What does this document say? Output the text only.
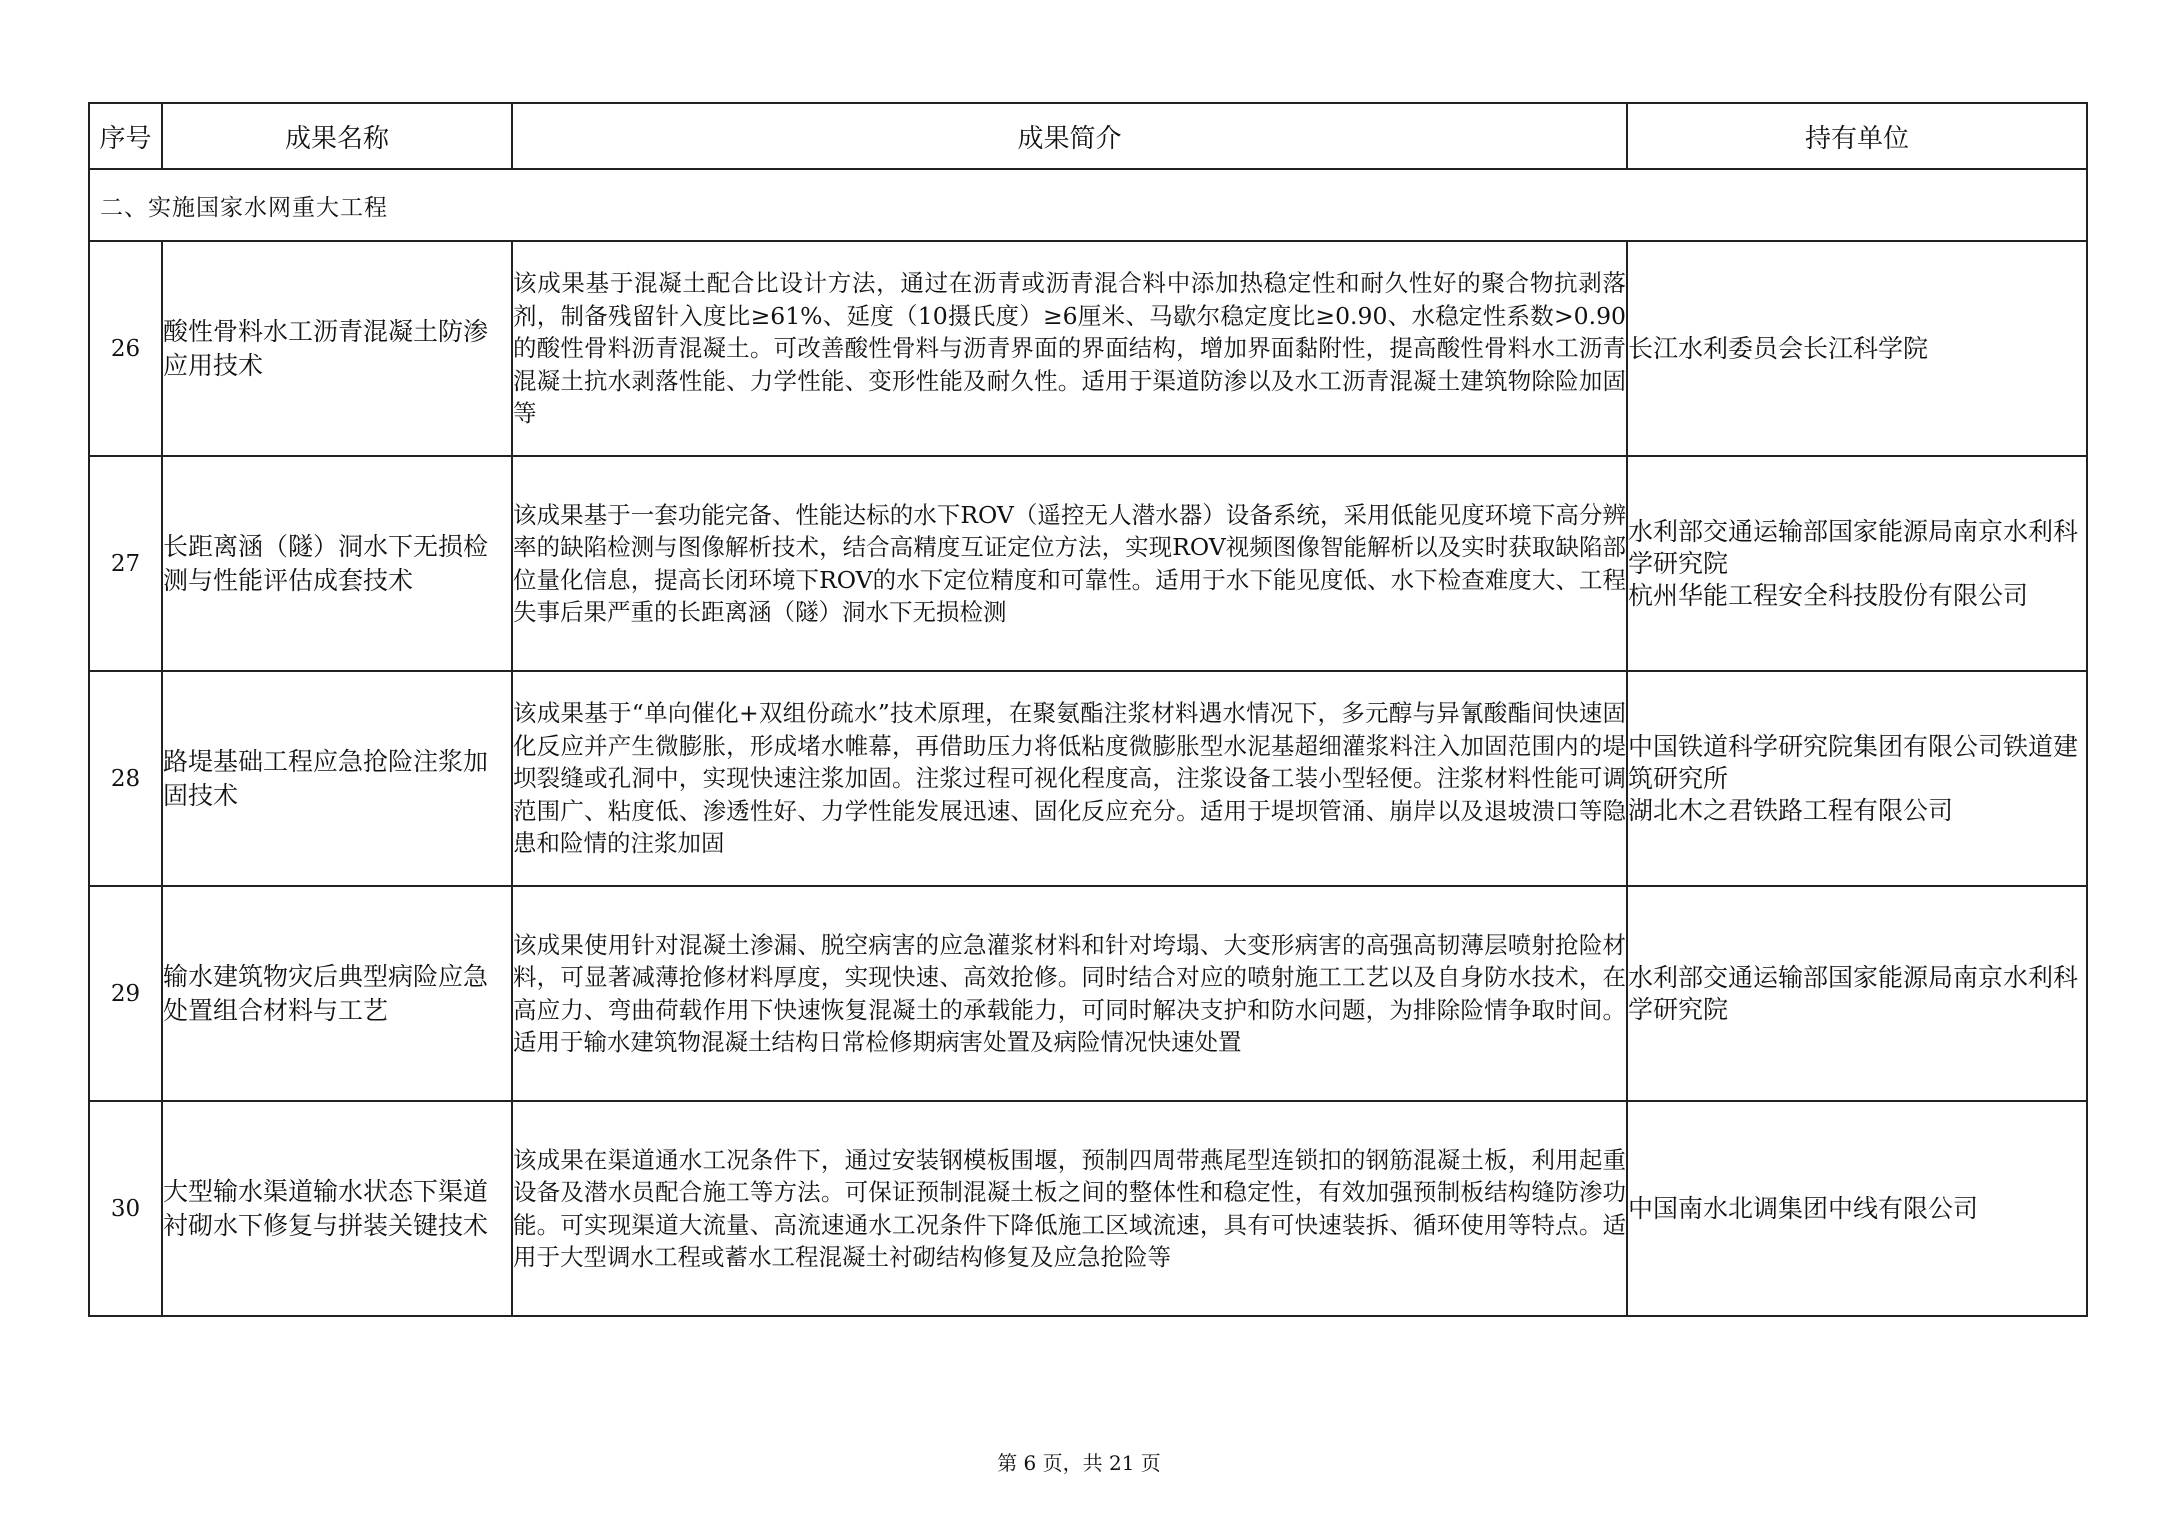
序号	成果名称	成果简介	持有单位
二、实施国家水网重大工程			
26	酸性骨料水工沥青混凝土防渗应用技术	该成果基于混凝土配合比设计方法，通过在沥青或沥青混合料中添加热稳定性和耐久性好的聚合物抗剥落剂，制备残留针入度比≥61%、延度（10摄氏度）≥6厘米、马歇尔稳定度比≥0.90、水稳定性系数>0.90的酸性骨料沥青混凝土。可改善酸性骨料与沥青界面的界面结构，增加界面黏附性，提高酸性骨料水工沥青混凝土抗水剥落性能、力学性能、变形性能及耐久性。适用于渠道防渗以及水工沥青混凝土建筑物除险加固等	长江水利委员会长江科学院

27	长距离涵（隧）洞水下无损检测与性能评估成套技术	该成果基于一套功能完备、性能达标的水下ROV（遥控无人潜水器）设备系统，采用低能见度环境下高分辨率的缺陷检测与图像解析技术，结合高精度互证定位方法，实现ROV视频图像智能解析以及实时获取缺陷部位量化信息，提高长闭环境下ROV的水下定位精度和可靠性。适用于水下能见度低、水下检查难度大、工程失事后果严重的长距离涵（隧）洞水下无损检测	水利部交通运输部国家能源局南京水利科学研究院
杭州华能工程安全科技股份有限公司

28	路堤基础工程应急抢险注浆加固技术	该成果基于“单向催化+双组份疏水”技术原理，在聚氨酯注浆材料遇水情况下，多元醇与异氰酸酯间快速固化反应并产生微膨胀，形成堵水帷幕，再借助压力将低粘度微膨胀型水泥基超细灌浆料注入加固范围内的堤坝裂缝或孔洞中，实现快速注浆加固。注浆过程可视化程度高，注浆设备工装小型轻便。注浆材料性能可调范围广、粘度低、渗透性好、力学性能发展迅速、固化反应充分。适用于堤坝管涌、崩岸以及退坡溃口等隐患和险情的注浆加固	中国铁道科学研究院集团有限公司铁道建筑研究所
湖北木之君铁路工程有限公司

29	输水建筑物灾后典型病险应急处置组合材料与工艺	该成果使用针对混凝土渗漏、脱空病害的应急灌浆材料和针对垮塌、大变形病害的高强高韧薄层喷射抢险材料，可显著减薄抢修材料厚度，实现快速、高效抢修。同时结合对应的喷射施工工艺以及自身防水技术，在高应力、弯曲荷载作用下快速恢复混凝土的承载能力，可同时解决支护和防水问题，为排除险情争取时间。适用于输水建筑物混凝土结构日常检修期病害处置及病险情况快速处置	水利部交通运输部国家能源局南京水利科学研究院

30	大型输水渠道输水状态下渠道衬砌水下修复与拼装关键技术	该成果在渠道通水工况条件下，通过安装钢模板围堰，预制四周带燕尾型连锁扣的钢筋混凝土板，利用起重设备及潜水员配合施工等方法。可保证预制混凝土板之间的整体性和稳定性，有效加强预制板结构缝防渗功能。可实现渠道大流量、高流速通水工况条件下降低施工区域流速，具有可快速装拆、循环使用等特点。适用于大型调水工程或蓄水工程混凝土衬砌结构修复及应急抢险等	中国南水北调集团中线有限公司
第 6 页，共 21 页
